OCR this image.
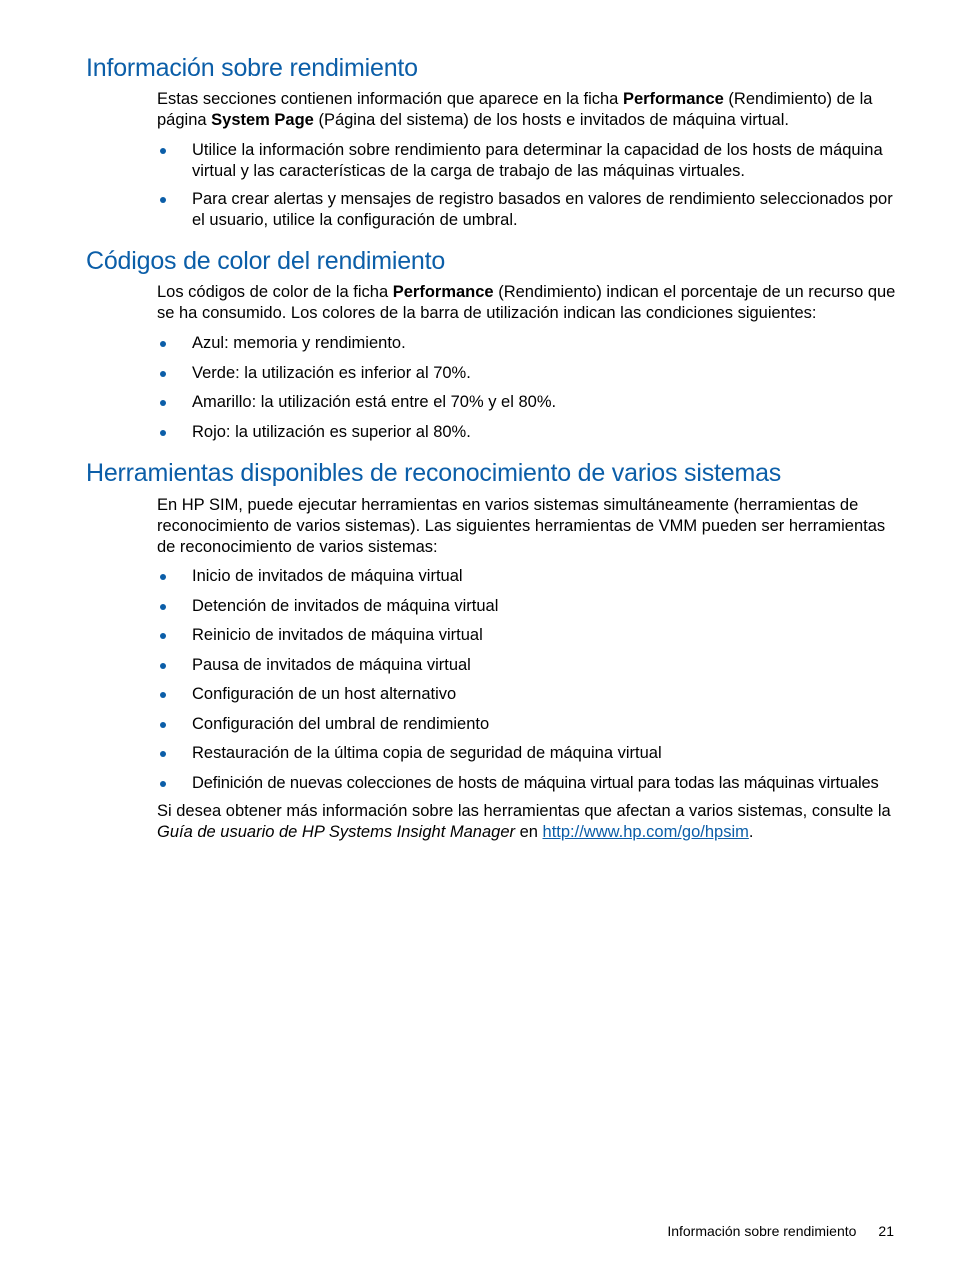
Información sobre rendimiento

Estas secciones contienen información que aparece en la ficha Performance (Rendimiento) de la página System Page (Página del sistema) de los hosts e invitados de máquina virtual.

Utilice la información sobre rendimiento para determinar la capacidad de los hosts de máquina virtual y las características de la carga de trabajo de las máquinas virtuales.
Para crear alertas y mensajes de registro basados en valores de rendimiento seleccionados por el usuario, utilice la configuración de umbral.
Códigos de color del rendimiento

Los códigos de color de la ficha Performance (Rendimiento) indican el porcentaje de un recurso que se ha consumido. Los colores de la barra de utilización indican las condiciones siguientes:

Azul: memoria y rendimiento.
Verde: la utilización es inferior al 70%.
Amarillo: la utilización está entre el 70% y el 80%.
Rojo: la utilización es superior al 80%.
Herramientas disponibles de reconocimiento de varios sistemas

En HP SIM, puede ejecutar herramientas en varios sistemas simultáneamente (herramientas de reconocimiento de varios sistemas). Las siguientes herramientas de VMM pueden ser herramientas de reconocimiento de varios sistemas:

Inicio de invitados de máquina virtual
Detención de invitados de máquina virtual
Reinicio de invitados de máquina virtual
Pausa de invitados de máquina virtual
Configuración de un host alternativo
Configuración del umbral de rendimiento
Restauración de la última copia de seguridad de máquina virtual
Definición de nuevas colecciones de hosts de máquina virtual para todas las máquinas virtuales

Si desea obtener más información sobre las herramientas que afectan a varios sistemas, consulte la Guía de usuario de HP Systems Insight Manager en http://www.hp.com/go/hpsim.

Información sobre rendimiento 21
